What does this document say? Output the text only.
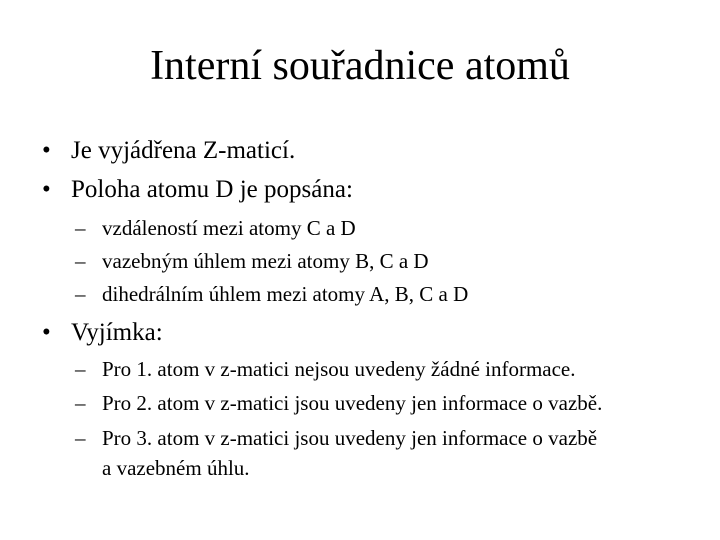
Interní souřadnice atomů
• Je vyjádřena Z-maticí.
• Poloha atomu D je popsána:
– vzdáleností mezi atomy C a D
– vazebným úhlem mezi atomy B, C a D
– dihedrálním úhlem mezi atomy A, B, C a D
• Vyjímka:
– Pro 1. atom v z-matici nejsou uvedeny žádné informace.
– Pro 2. atom v z-matici jsou uvedeny jen informace o vazbě.
– Pro 3. atom v z-matici jsou uvedeny jen informace o vazbě
a vazebném úhlu.
